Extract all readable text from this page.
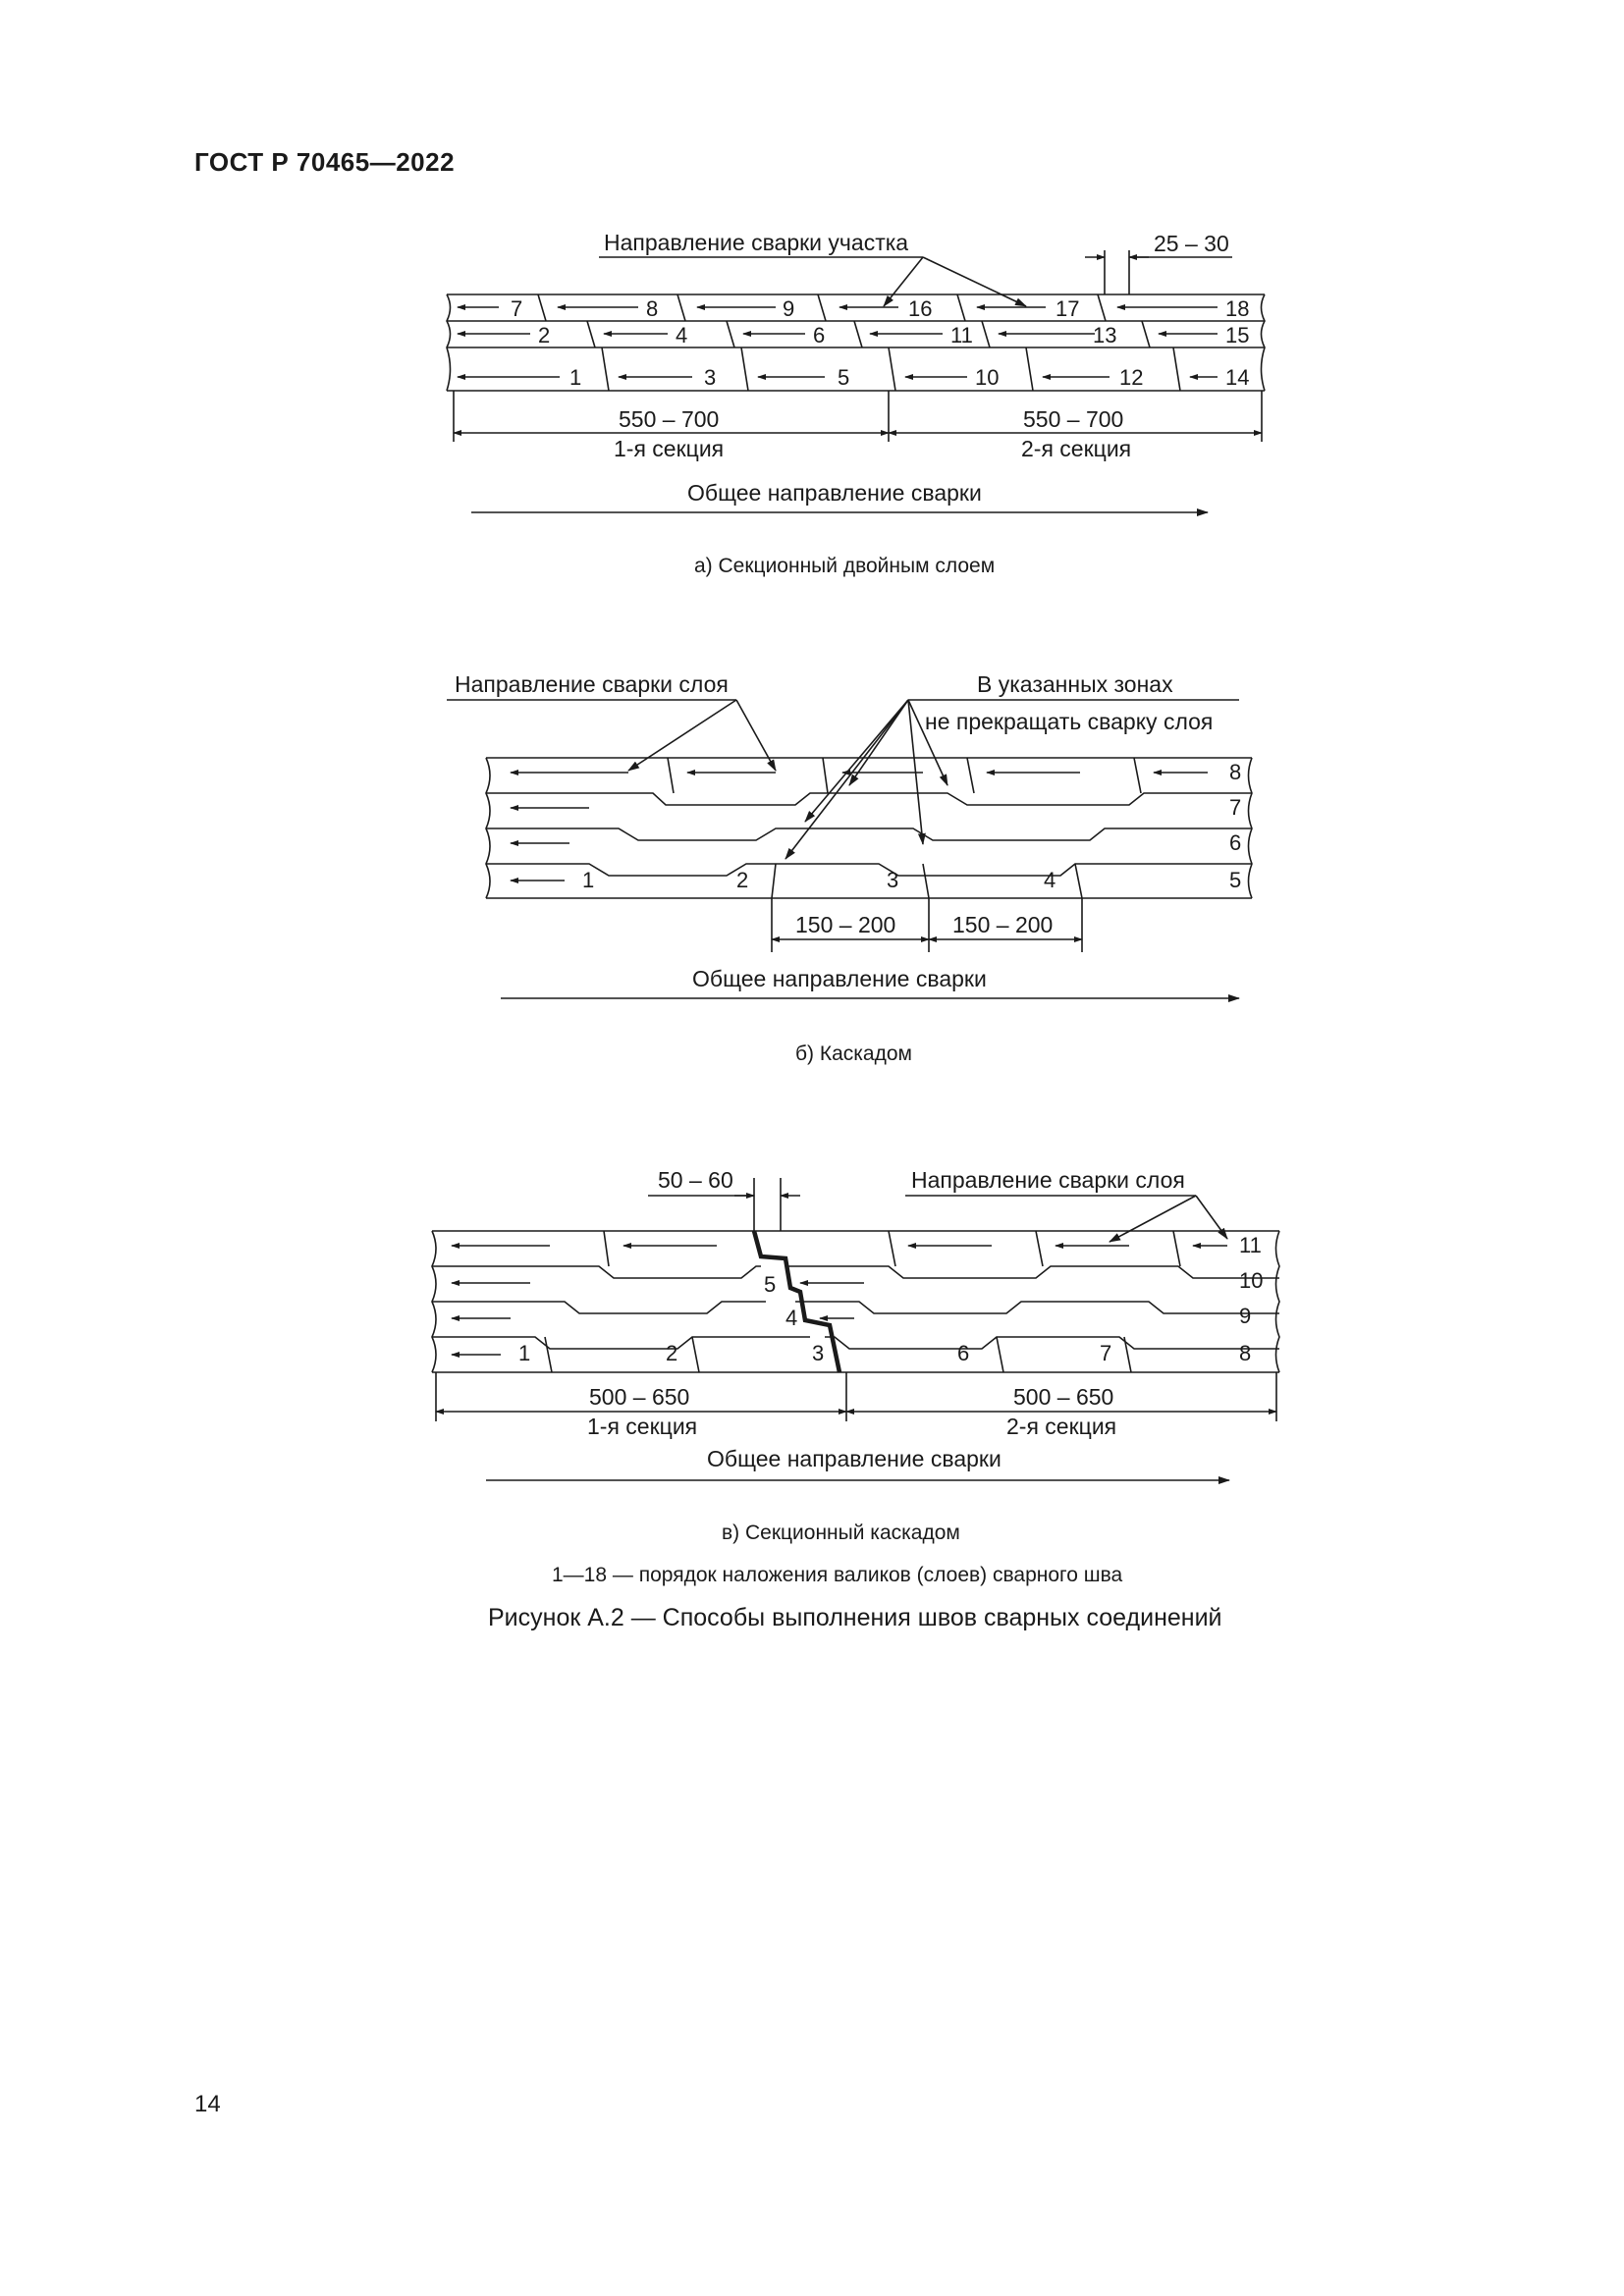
ГОСТ Р 70465—2022
7	8	9	16	17	18
2	4	6	11	13	15
1	3	5	10	12	14
Направление сварки участка	25 – 30
550 – 700	550 – 700
1-я секция	2-я секция
Общее направление сварки
а) Секционный двойным слоем
8
7
6
5
1	2	3	4
Направление сварки слоя	В указанных зонах
не прекращать сварку слоя
150 – 200	150 – 200
Общее направление сварки
б) Каскадом
11
10
9
8
5
4
3
1	2	6	7
50 – 60	Направление сварки слоя
500 – 650	500 – 650
1-я секция	2-я секция
Общее направление сварки
в) Секционный каскадом
1—18 — порядок наложения валиков (слоев) сварного шва
Рисунок А.2 — Способы выполнения швов сварных соединений
14
